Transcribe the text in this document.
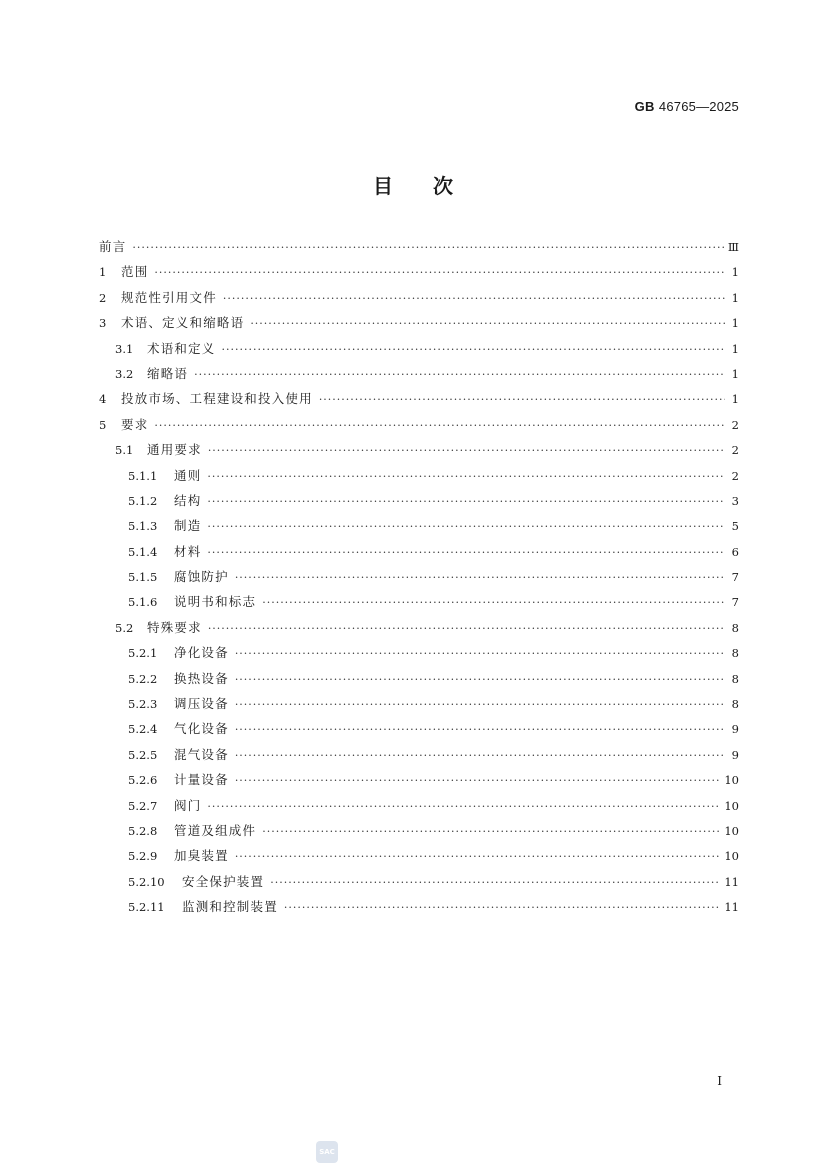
GB 46765—2025
目次
前言 ·····	Ⅲ
1	范围 ·····	1
2	规范性引用文件 ·····	1
3	术语、定义和缩略语 ·····	1
3.1	术语和定义 ·····	1
3.2	缩略语 ·····	1
4	投放市场、工程建设和投入使用 ·····	1
5	要求 ·····	2
5.1	通用要求 ·····	2
5.1.1	通则 ·····	2
5.1.2	结构 ·····	3
5.1.3	制造 ·····	5
5.1.4	材料 ·····	6
5.1.5	腐蚀防护 ·····	7
5.1.6	说明书和标志 ·····	7
5.2	特殊要求 ·····	8
5.2.1	净化设备 ·····	8
5.2.2	换热设备 ·····	8
5.2.3	调压设备 ·····	8
5.2.4	气化设备 ·····	9
5.2.5	混气设备 ·····	9
5.2.6	计量设备 ·····	10
5.2.7	阀门 ·····	10
5.2.8	管道及组成件 ·····	10
5.2.9	加臭装置 ·····	10
5.2.10	安全保护装置 ·····	11
5.2.11	监测和控制装置 ·····	11
I
SAC
